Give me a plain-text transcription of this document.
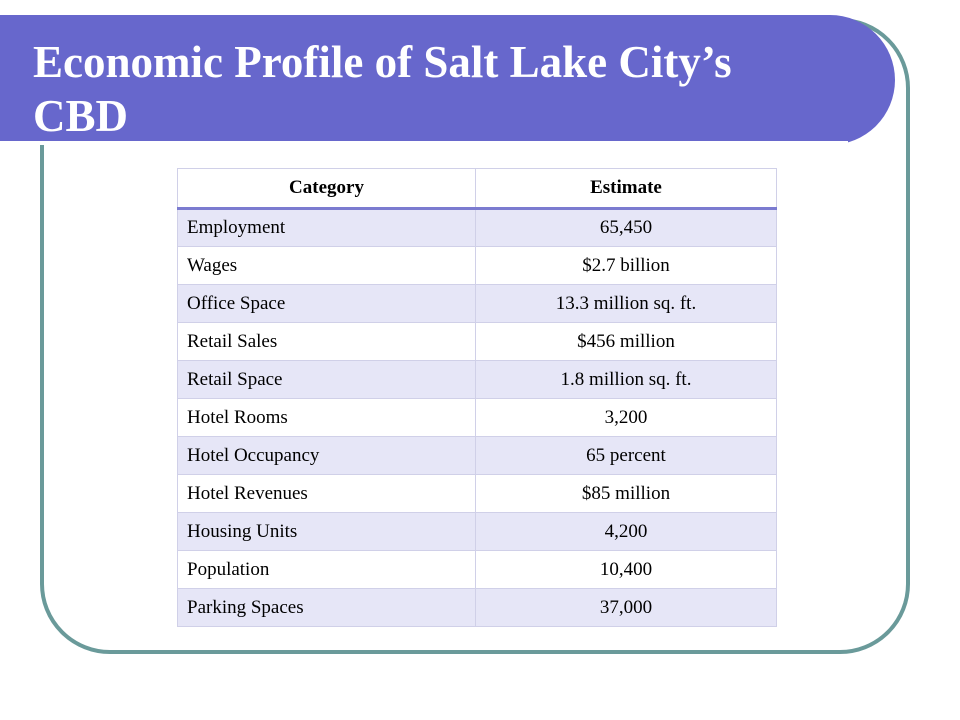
Economic Profile of Salt Lake City’s CBD
Category	Estimate
Employment	65,450
Wages	$2.7 billion
Office Space	13.3 million sq. ft.
Retail Sales	$456 million
Retail Space	1.8 million sq. ft.
Hotel Rooms	3,200
Hotel Occupancy	65 percent
Hotel Revenues	$85 million
Housing Units	4,200
Population	10,400
Parking Spaces	37,000
